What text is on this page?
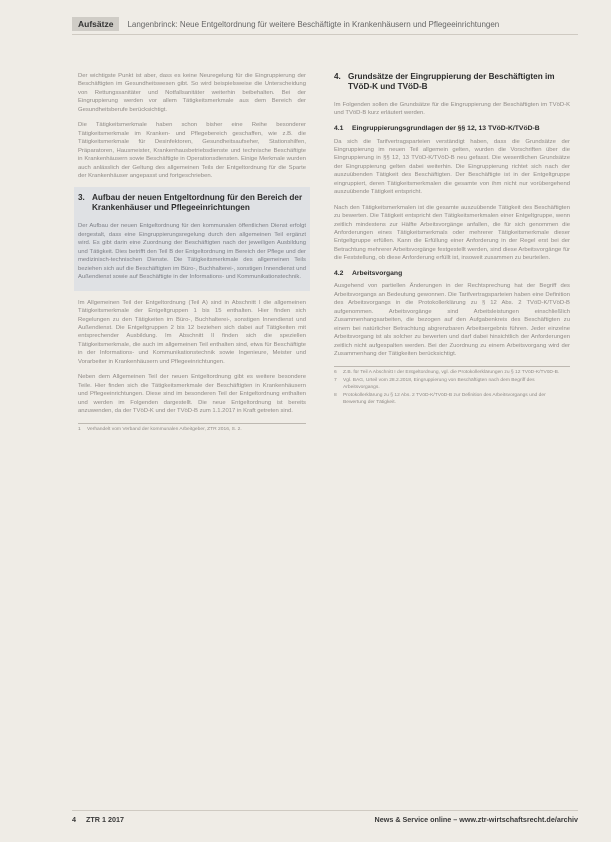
Aufsätze	Langenbrinck: Neue Entgeltordnung für weitere Beschäftigte in Krankenhäusern und Pflegeeinrichtungen

Der wichtigste Punkt ist aber, dass es keine Neuregelung für die Eingruppierung der Beschäftigten im Gesundheitswesen gibt. So wird beispielsweise die Unterscheidung von Rettungssanitäter und Notfallsanitäter weiterhin beibehalten. Bei der Eingruppierung werden vor allem Tätigkeitsmerkmale aus dem Bereich der Gesundheitsberufe berücksichtigt.

Die Tätigkeitsmerkmale haben schon bisher eine Reihe besonderer Tätigkeitsmerkmale im Kranken- und Pflegebereich geschaffen, wie z.B. die Tätigkeitsmerkmale für Desinfektoren, Gesundheitsaufseher, Stationshilfen, Präparatoren, Hausmeister, Krankenhausbetriebsdienste und technische Beschäftigte in Krankenhäusern sowie Beschäftigte in Operationsdiensten. Einige Merkmale wurden auch anlässlich der Geltung des allgemeinen Teils der Entgeltordnung für die Sparte der Krankenhäuser angepasst und fortgeschrieben.

3. Aufbau der neuen Entgeltordnung für den Bereich der Krankenhäuser und Pflegeeinrichtungen

Der Aufbau der neuen Entgeltordnung für den kommunalen öffentlichen Dienst erfolgt dergestalt, dass eine Eingruppierungsregelung durch den allgemeinen Teil ergänzt wird. Es gibt darin eine Zuordnung der Beschäftigten nach der jeweiligen Ausbildung und Tätigkeit. Dies betrifft den Teil B der Entgeltordnung im Bereich der Pflege und der medizinisch-technischen Dienste. Die Tätigkeitsmerkmale des allgemeinen Teils beziehen sich auf die Beschäftigten im Büro-, Buchhalterei-, sonstigen Innendienst und Außendienst sowie auf Beschäftigte in der Informations- und Kommunikationstechnik.

Im Allgemeinen Teil der Entgeltordnung (Teil A) sind in Abschnitt I die allgemeinen Tätigkeitsmerkmale der Entgeltgruppen 1 bis 15 enthalten. Hier finden sich Regelungen zu den Tätigkeiten im Büro-, Buchhalterei-, sonstigen Innendienst und Außendienst. Die Entgeltgruppen 2 bis 12 beziehen sich dabei auf Tätigkeiten mit entsprechender Ausbildung. Im Abschnitt II finden sich die speziellen Tätigkeitsmerkmale, die auch im allgemeinen Teil enthalten sind, etwa für Beschäftigte in der Informations- und Kommunikationstechnik sowie Ingenieure, Meister und Vorarbeiter in Krankenhäusern und Pflegeeinrichtungen.

Neben dem Allgemeinen Teil der neuen Entgeltordnung gibt es weitere besondere Teile. Hier finden sich die Tätigkeitsmerkmale der Beschäftigten in Krankenhäusern und Pflegeeinrichtungen. Diese sind im besonderen Teil der Entgeltordnung enthalten und werden im Folgenden dargestellt. Die neue Entgeltordnung ist bereits anzuwenden, da der TVöD-K und der TVöD-B zum 1.1.2017 in Kraft getreten sind.

1	Verhandelt vom Verband der kommunalen Arbeitgeber, ZTR 2016, S. 2.
4. Grundsätze der Eingruppierung der Beschäftigten im TVöD-K und TVöD-B

Im Folgenden sollen die Grundsätze für die Eingruppierung der Beschäftigten im TVöD-K und TVöD-B kurz erläutert werden.

4.1	Eingruppierungsgrundlagen der §§ 12, 13 TVöD-K/TVöD-B

Da sich die Tarifvertragsparteien verständigt haben, dass die Grundsätze der Eingruppierung im neuen Teil allgemein gelten, wurden die Vorschriften über die Eingruppierung in §§ 12, 13 TVöD-K/TVöD-B neu gefasst. Die wesentlichen Grundsätze der Eingruppierung gelten dabei weiterhin. Die Eingruppierung richtet sich nach der auszuübenden Tätigkeit des Beschäftigten. Der Beschäftigte ist in der Entgeltgruppe eingruppiert, deren Tätigkeitsmerkmalen die gesamte von ihm nicht nur vorübergehend auszuübende Tätigkeit entspricht.

Nach den Tätigkeitsmerkmalen ist die gesamte auszuübende Tätigkeit des Beschäftigten zu bewerten. Die Tätigkeit entspricht den Tätigkeitsmerkmalen einer Entgeltgruppe, wenn zeitlich mindestens zur Hälfte Arbeitsvorgänge anfallen, die für sich genommen die Anforderungen eines Tätigkeitsmerkmals oder mehrerer Tätigkeitsmerkmale dieser Entgeltgruppe erfüllen. Kann die Erfüllung einer Anforderung in der Regel erst bei der Betrachtung mehrerer Arbeitsvorgänge festgestellt werden, sind diese Arbeitsvorgänge für die Feststellung, ob diese Anforderung erfüllt ist, insoweit zusammen zu beurteilen.

4.2	Arbeitsvorgang

Ausgehend von partiellen Änderungen in der Rechtsprechung hat der Begriff des Arbeitsvorgangs an Bedeutung gewonnen. Die Tarifvertragsparteien haben eine Definition des Arbeitsvorgangs in die Protokollerklärung zu § 12 Abs. 2 TVöD-K/TVöD-B aufgenommen. Arbeitsvorgänge sind Arbeitsleistungen einschließlich Zusammenhangsarbeiten, die bezogen auf den Aufgabenkreis des Beschäftigten zu einem bei natürlicher Betrachtung abgrenzbaren Arbeitsergebnis führen. Jeder einzelne Arbeitsvorgang ist als solcher zu bewerten und darf dabei hinsichtlich der Anforderungen zeitlich nicht aufgespalten werden. Bei der Zuordnung zu einem Arbeitsvorgang wird der Zusammenhang der Tätigkeiten berücksichtigt.

6	Z.B. für Teil A Abschnitt I der Entgeltordnung, vgl. die Protokollerklärungen zu § 12 TVöD-K/TVöD-B.
7	Vgl. BAG, Urteil vom 28.2.2018, Eingruppierung von Beschäftigten nach dem Begriff des Arbeitsvorgangs.
8	Protokollerklärung zu § 12 Abs. 2 TVöD-K/TVöD-B zur Definition des Arbeitsvorgangs und der Bewertung der Tätigkeit.
4 ZTR 1 2017	News & Service online – www.ztr-wirtschaftsrecht.de/archiv
